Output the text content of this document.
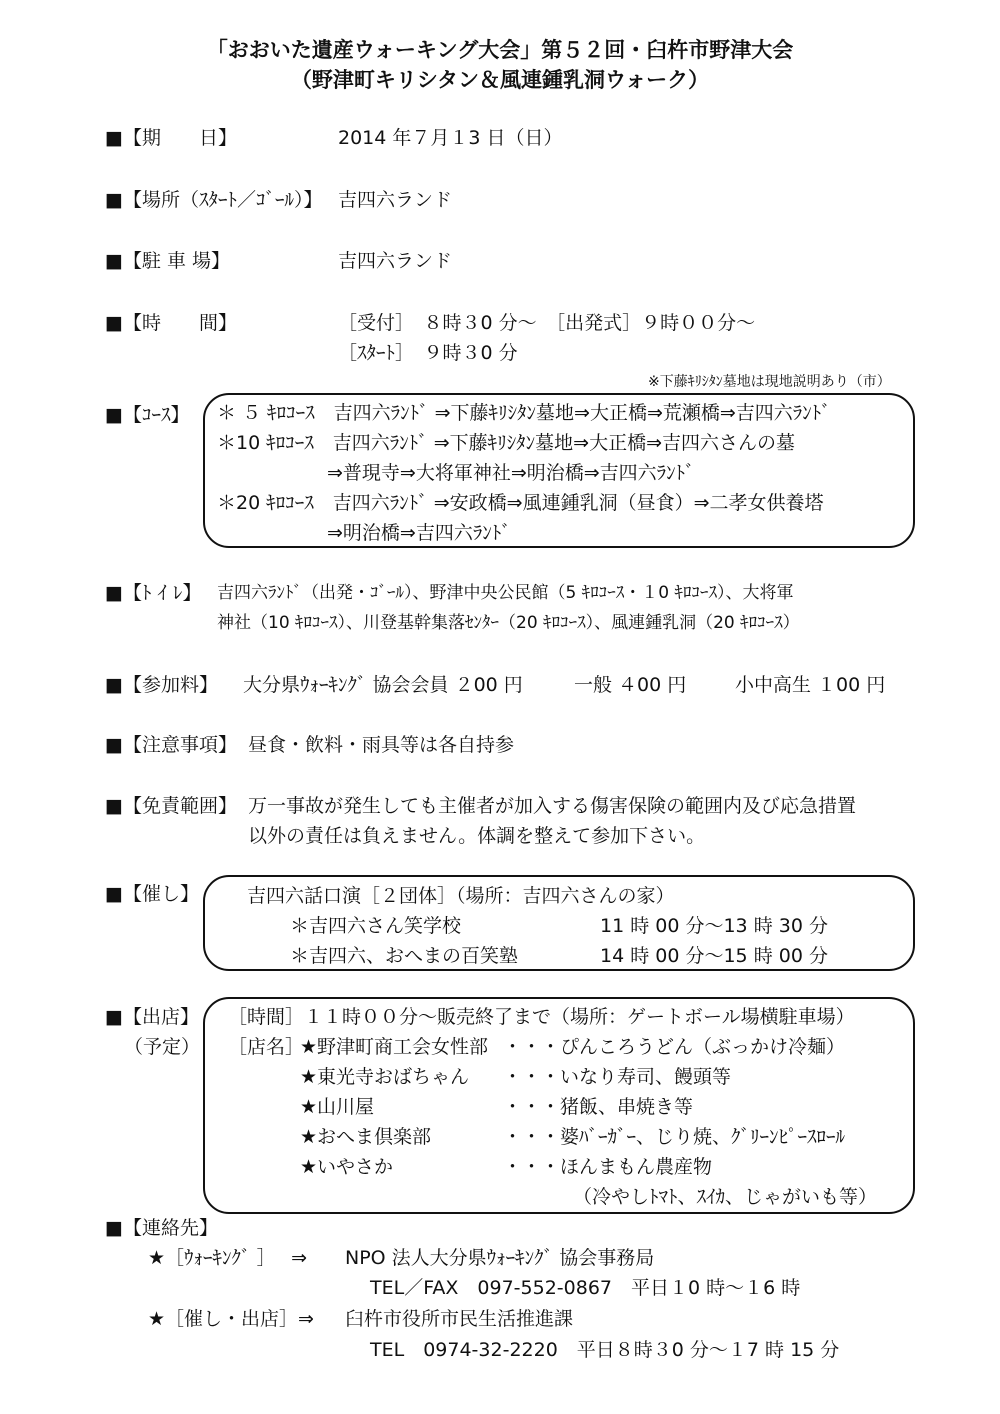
「おおいた遺産ウォーキング大会」第５２回・臼杵市野津大会
（野津町キリシタン＆風連鍾乳洞ウォーク）
■【期　　日】	2014 年７月１3 日（日）
■【場所（ｽﾀｰﾄ／ｺﾞｰﾙ）】 吉四六ランド
■【駐 車 場】	吉四六ランド
■【時　　間】	［受付］　８時３0 分～　［出発式］９時００分～
［ｽﾀｰﾄ］　９時３0 分
※下藤ｷﾘｼﾀﾝ墓地は現地説明あり（市）
■【ｺｰｽ】 ＊ ５ ｷﾛｺｰｽ　吉四六ﾗﾝﾄﾞ ⇒下藤ｷﾘｼﾀﾝ墓地⇒大正橋⇒荒瀬橋⇒吉四六ﾗﾝﾄﾞ
＊10 ｷﾛｺｰｽ　吉四六ﾗﾝﾄﾞ ⇒下藤ｷﾘｼﾀﾝ墓地⇒大正橋⇒吉四六さんの墓
⇒普現寺⇒大将軍神社⇒明治橋⇒吉四六ﾗﾝﾄﾞ
＊20 ｷﾛｺｰｽ　吉四六ﾗﾝﾄﾞ ⇒安政橋⇒風連鍾乳洞（昼食）⇒二孝女供養塔
⇒明治橋⇒吉四六ﾗﾝﾄﾞ
■【ﾄ ｲ ﾚ】 吉四六ﾗﾝﾄﾞ（出発・ｺﾞｰﾙ）、野津中央公民館（5 ｷﾛｺｰｽ・１0 ｷﾛｺｰｽ）、大将軍
神社（10 ｷﾛｺｰｽ）、川登基幹集落ｾﾝﾀｰ（20 ｷﾛｺｰｽ）、風連鍾乳洞（20 ｷﾛｺｰｽ）
■【参加料】 大分県ｳｫｰｷﾝｸﾞ 協会会員 ２00 円	一般 ４00 円	小中高生 １00 円
■【注意事項】 昼食・飲料・雨具等は各自持参
■【免責範囲】 万一事故が発生しても主催者が加入する傷害保険の範囲内及び応急措置
以外の責任は負えません。体調を整えて参加下さい。
■【催し】	吉四六話口演［２団体］（場所：吉四六さんの家）
＊吉四六さん笑学校	11 時 00 分～13 時 30 分
＊吉四六、おへまの百笑塾	14 時 00 分～15 時 00 分
■【出店】
（予定）
［時間］１１時００分～販売終了まで（場所：ゲートボール場横駐車場）
［店名］
★野津町商工会女性部 ・・・ぴんころうどん（ぶっかけ冷麺）
★東光寺おばちゃん ・・・いなり寿司、饅頭等
★山川屋	・・・猪飯、串焼き等
★おへま倶楽部	・・・婆ﾊﾞｰｶﾞｰ、じり焼、ｸﾞﾘｰﾝﾋﾟｰｽﾛｰﾙ
★いやさか	・・・ほんまもん農産物
（冷やしﾄﾏﾄ、ｽｲｶ、じゃがいも等）
■【連絡先】
★［ｳｫｰｷﾝｸﾞ ］　 ⇒ NPO 法人大分県ｳｫｰｷﾝｸﾞ 協会事務局
TEL／FAX　097-552-0867　平日１0 時～１6 時
★［催し・出店］⇒ 臼杵市役所市民生活推進課
TEL　0974-32-2220　平日８時３0 分～１7 時 15 分
